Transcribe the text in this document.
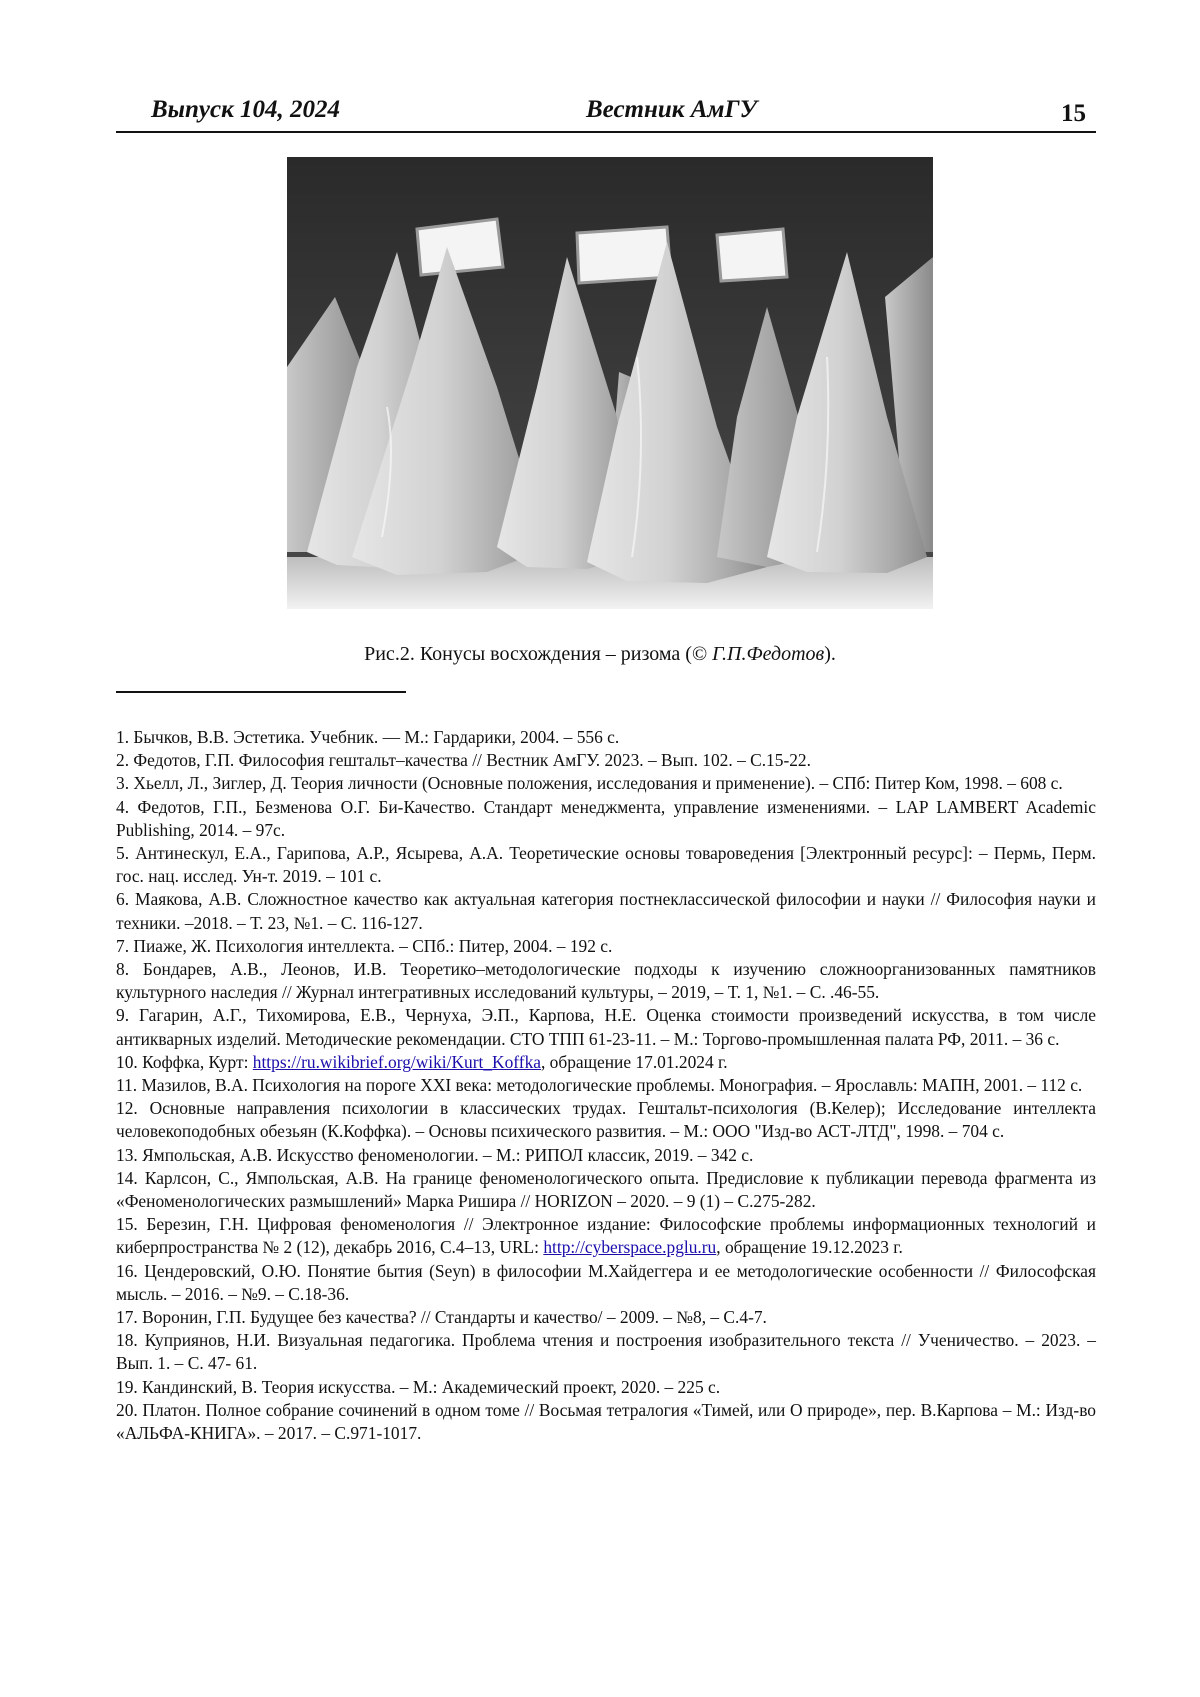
Выпуск 104, 2024	Вестник АмГУ	15
Рис.2. Конусы восхождения – ризома (© Г.П.Федотов).

1. Бычков, В.В. Эстетика. Учебник. — М.: Гардарики, 2004. – 556 с.

2. Федотов, Г.П. Философия гештальт–качества // Вестник АмГУ. 2023. – Вып. 102. – С.15-22.

3. Хьелл, Л., Зиглер, Д. Теория личности (Основные положения, исследования и применение). – СПб: Питер Ком, 1998. – 608 с.

4. Федотов, Г.П., Безменова О.Г. Би-Качество. Стандарт менеджмента, управление изменениями. – LAP LAMBERT Academic Publishing, 2014. – 97с.

5. Антинескул, Е.А., Гарипова, А.Р., Ясырева, А.А. Теоретические основы товароведения [Электронный ресурс]: – Пермь, Перм. гос. нац. исслед. Ун-т. 2019. – 101 с.

6. Маякова, А.В. Сложностное качество как актуальная категория постнеклассической философии и науки // Философия науки и техники. –2018. – Т. 23, №1. – С. 116-127.

7. Пиаже, Ж. Психология интеллекта. – СПб.: Питер, 2004. – 192 с.

8. Бондарев, А.В., Леонов, И.В. Теоретико–методологические подходы к изучению сложноорганизованных памятников культурного наследия // Журнал интегративных исследований культуры, – 2019, – Т. 1, №1. – С. .46-55.

9. Гагарин, А.Г., Тихомирова, Е.В., Чернуха, Э.П., Карпова, Н.Е. Оценка стоимости произведений искусства, в том числе антикварных изделий. Методические рекомендации. СТО ТПП 61-23-11. – М.: Торгово-промышленная палата РФ, 2011. – 36 с.

10. Коффка, Курт: https://ru.wikibrief.org/wiki/Kurt_Koffka, обращение 17.01.2024 г.

11. Мазилов, В.А. Психология на пороге XXI века: методологические проблемы. Монография. – Ярославль: МАПН, 2001. – 112 с.

12. Основные направления психологии в классических трудах. Гештальт-психология (В.Келер); Исследование интеллекта человекоподобных обезьян (К.Коффка). – Основы психического развития. – М.: ООО "Изд-во АСТ-ЛТД", 1998. – 704 с.

13. Ямпольская, А.В. Искусство феноменологии. – М.: РИПОЛ классик, 2019. – 342 с.

14. Карлсон, С., Ямпольская, А.В. На границе феноменологического опыта. Предисловие к публикации перевода фрагмента из «Феноменологических размышлений» Марка Ришира // HORIZON – 2020. – 9 (1) – С.275-282.

15. Березин, Г.Н. Цифровая феноменология // Электронное издание: Философские проблемы информационных технологий и киберпространства № 2 (12), декабрь 2016, С.4–13, URL: http://cyberspace.pglu.ru, обращение 19.12.2023 г.

16. Цендеровский, О.Ю. Понятие бытия (Seyn) в философии М.Хайдеггера и ее методологические особенности // Философская мысль. – 2016. – №9. – С.18-36.

17. Воронин, Г.П. Будущее без качества? // Стандарты и качество/ – 2009. – №8, – С.4-7.

18. Куприянов, Н.И. Визуальная педагогика. Проблема чтения и построения изобразительного текста // Ученичество. – 2023. – Вып. 1. – С. 47- 61.

19. Кандинский, В. Теория искусства. – М.: Академический проект, 2020. – 225 с.

20. Платон. Полное собрание сочинений в одном томе // Восьмая тетралогия «Тимей, или О природе», пер. В.Карпова – М.: Изд-во «АЛЬФА-КНИГА». – 2017. – С.971-1017.
